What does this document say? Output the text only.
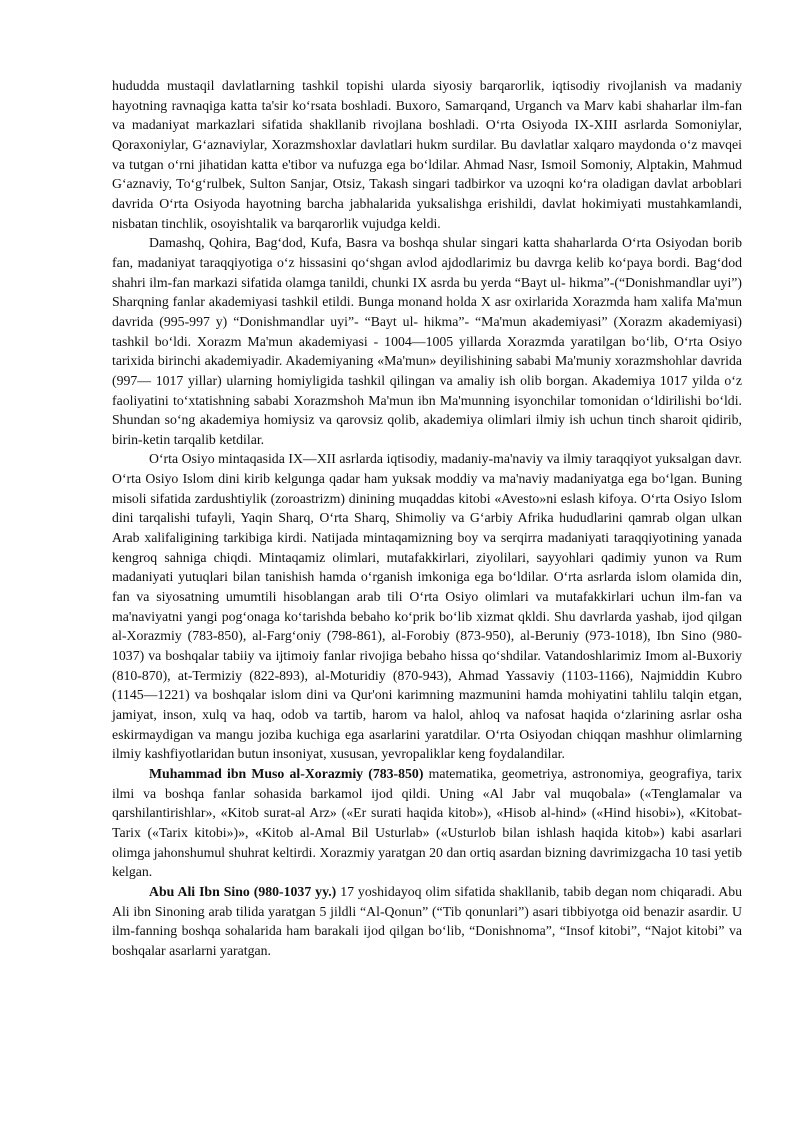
hududda mustaqil davlatlarning tashkil topishi ularda siyosiy barqarorlik, iqtisodiy rivojlanish va madaniy hayotning ravnaqiga katta ta'sir koʻrsata boshladi. Buxoro, Samarqand, Urganch va Marv kabi shaharlar ilm-fan va madaniyat markazlari sifatida shakllanib rivojlana boshladi. Oʻrta Osiyoda IX-XIII asrlarda Somoniylar, Qoraxoniylar, Gʻaznaviylar, Xorazmshoxlar davlatlari hukm surdilar. Bu davlatlar xalqaro maydonda oʻz mavqei va tutgan oʻrni jihatidan katta e'tibor va nufuzga ega boʻldilar. Ahmad Nasr, Ismoil Somoniy, Alptakin, Mahmud Gʻaznaviy, Toʻgʻrulbek, Sulton Sanjar, Otsiz, Takash singari tadbirkor va uzoqni koʻra oladigan davlat arboblari davrida Oʻrta Osiyoda hayotning barcha jabhalarida yuksalishga erishildi, davlat hokimiyati mustahkamlandi, nisbatan tinchlik, osoyishtalik va barqarorlik vujudga keldi.

Damashq, Qohira, Bagʻdod, Kufa, Basra va boshqa shular singari katta shaharlarda Oʻrta Osiyodan borib fan, madaniyat taraqqiyotiga oʻz hissasini qoʻshgan avlod ajdodlarimiz bu davrga kelib koʻpaya bordi. Bagʻdod shahri ilm-fan markazi sifatida olamga tanildi, chunki IX asrda bu yerda “Bayt ul- hikma”-(“Donishmandlar uyi”) Sharqning fanlar akademiyasi tashkil etildi. Bunga monand holda X asr oxirlarida Xorazmda ham xalifa Ma'mun davrida (995-997 y) “Donishmandlar uyi”- “Bayt ul- hikma”- “Ma'mun akademiyasi” (Xorazm akademiyasi) tashkil boʻldi. Xorazm Ma'mun akademiyasi - 1004—1005 yillarda Xorazmda yaratilgan boʻlib, Oʻrta Osiyo tarixida birinchi akademiyadir. Akademiyaning «Ma'mun» deyilishining sababi Ma'muniy xorazmshohlar davrida (997— 1017 yillar) ularning homiyligida tashkil qilingan va amaliy ish olib borgan. Akademiya 1017 yilda oʻz faoliyatini toʻxtatishning sababi Xorazmshoh Ma'mun ibn Ma'munning isyonchilar tomonidan oʻldirilishi boʻldi. Shundan soʻng akademiya homiysiz va qarovsiz qolib, akademiya olimlari ilmiy ish uchun tinch sharoit qidirib, birin-ketin tarqalib ketdilar.

Oʻrta Osiyo mintaqasida IX—XII asrlarda iqtisodiy, madaniy-ma'naviy va ilmiy taraqqiyot yuksalgan davr. Oʻrta Osiyo Islom dini kirib kelgunga qadar ham yuksak moddiy va ma'naviy madaniyatga ega boʻlgan. Buning misoli sifatida zardushtiylik (zoroastrizm) dinining muqaddas kitobi «Avesto»ni eslash kifoya. Oʻrta Osiyo Islom dini tarqalishi tufayli, Yaqin Sharq, Oʻrta Sharq, Shimoliy va Gʻarbiy Afrika hududlarini qamrab olgan ulkan Arab xalifaligining tarkibiga kirdi. Natijada mintaqamizning boy va serqirra madaniyati taraqqiyotining yanada kengroq sahniga chiqdi. Mintaqamiz olimlari, mutafakkirlari, ziyolilari, sayyohlari qadimiy yunon va Rum madaniyati yutuqlari bilan tanishish hamda oʻrganish imkoniga ega boʻldilar. Oʻrta asrlarda islom olamida din, fan va siyosatning umumtili hisoblangan arab tili Oʻrta Osiyo olimlari va mutafakkirlari uchun ilm-fan va ma'naviyatni yangi pogʻonaga koʻtarishda bebaho koʻprik boʻlib xizmat qkldi. Shu davrlarda yashab, ijod qilgan al-Xorazmiy (783-850), al-Fargʻoniy (798-861), al-Forobiy (873-950), al-Beruniy (973-1018), Ibn Sino (980-1037) va boshqalar tabiiy va ijtimoiy fanlar rivojiga bebaho hissa qoʻshdilar. Vatandoshlarimiz Imom al-Buxoriy (810-870), at-Termiziy (822-893), al-Moturidiy (870-943), Ahmad Yassaviy (1103-1166), Najmiddin Kubro (1145—1221) va boshqalar islom dini va Qur'oni karimning mazmunini hamda mohiyatini tahlilu talqin etgan, jamiyat, inson, xulq va haq, odob va tartib, harom va halol, ahloq va nafosat haqida oʻzlarining asrlar osha eskirmaydigan va mangu joziba kuchiga ega asarlarini yaratdilar. Oʻrta Osiyodan chiqqan mashhur olimlarning ilmiy kashfiyotlaridan butun insoniyat, xususan, yevropaliklar keng foydalandilar.

Muhammad ibn Muso al-Xorazmiy (783-850) matematika, geometriya, astronomiya, geografiya, tarix ilmi va boshqa fanlar sohasida barkamol ijod qildi. Uning «Al Jabr val muqobala» («Tenglamalar va qarshilantirishlar», «Kitob surat-al Arz» («Er surati haqida kitob»), «Hisob al-hind» («Hind hisobi»), «Kitobat-Tarix («Tarix kitobi»)», «Kitob al-Amal Bil Usturlab» («Usturlob bilan ishlash haqida kitob») kabi asarlari olimga jahonshumul shuhrat keltirdi. Xorazmiy yaratgan 20 dan ortiq asardan bizning davrimizgacha 10 tasi yetib kelgan.

Abu Ali Ibn Sino (980-1037 yy.) 17 yoshidayoq olim sifatida shakllanib, tabib degan nom chiqaradi. Abu Ali ibn Sinoning arab tilida yaratgan 5 jildli “Al-Qonun” (“Tib qonunlari”) asari tibbiyotga oid benazir asardir. U ilm-fanning boshqa sohalarida ham barakali ijod qilgan boʻlib, “Donishnoma”, “Insof kitobi”, “Najot kitobi” va boshqalar asarlarni yaratgan.
